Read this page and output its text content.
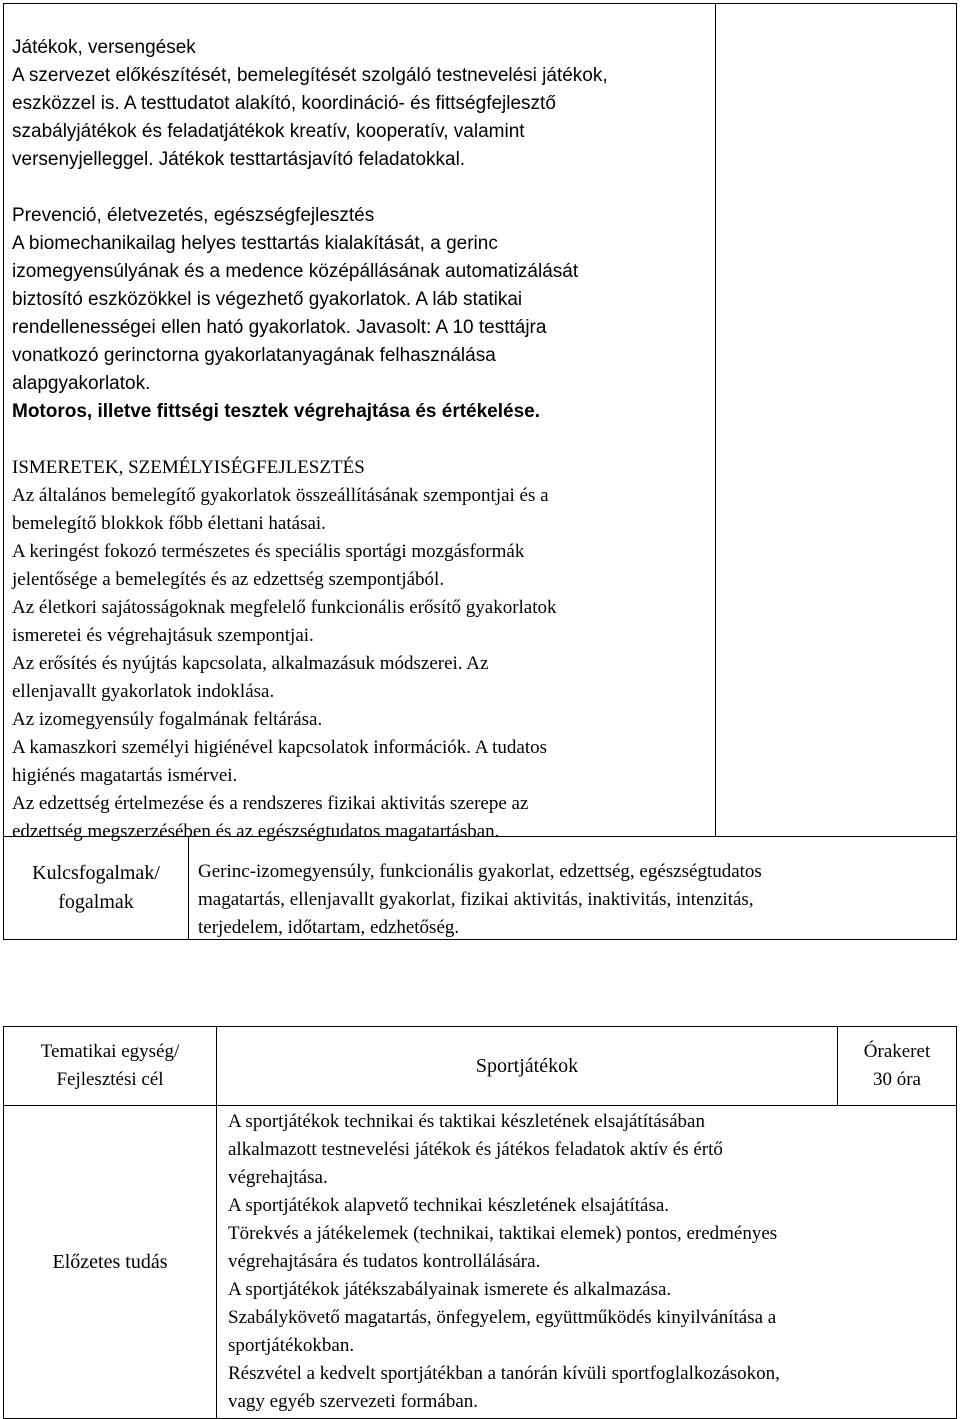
Játékok, versengések
A szervezet előkészítését, bemelegítését szolgáló testnevelési játékok,
eszközzel is. A testtudatot alakító, koordináció- és fittségfejlesztő
szabályjátékok és feladatjátékok kreatív, kooperatív, valamint
versenyjelleggel. Játékok testtartásjavító feladatokkal.
Prevenció, életvezetés, egészségfejlesztés
A biomechanikailag helyes testtartás kialakítását, a gerinc
izomegyensúlyának és a medence középállásának automatizálását
biztosító eszközökkel is végezhető gyakorlatok. A láb statikai
rendellenességei ellen ható gyakorlatok. Javasolt: A 10 testtájra
vonatkozó gerinctorna gyakorlatanyagának felhasználása
alapgyakorlatok.
Motoros, illetve fittségi tesztek végrehajtása és értékelése.
ISMERETEK, SZEMÉLYISÉGFEJLESZTÉS
Az általános bemelegítő gyakorlatok összeállításának szempontjai és a
bemelegítő blokkok főbb élettani hatásai.
A keringést fokozó természetes és speciális sportági mozgásformák
jelentősége a bemelegítés és az edzettség szempontjából.
Az életkori sajátosságoknak megfelelő funkcionális erősítő gyakorlatok
ismeretei és végrehajtásuk szempontjai.
Az erősítés és nyújtás kapcsolata, alkalmazásuk módszerei. Az
ellenjavallt gyakorlatok indoklása.
Az izomegyensúly fogalmának feltárása.
A kamaszkori személyi higiénével kapcsolatok információk. A tudatos
higiénés magatartás ismérvei.
Az edzettség értelmezése és a rendszeres fizikai aktivitás szerepe az
edzettség megszerzésében és az egészségtudatos magatartásban.
Kulcsfogalmak/
fogalmak
Gerinc-izomegyensúly, funkcionális gyakorlat, edzettség, egészségtudatos
magatartás, ellenjavallt gyakorlat, fizikai aktivitás, inaktivitás, intenzitás,
terjedelem, időtartam, edzhetőség.
Tematikai egység/
Fejlesztési cél
Sportjátékok
Órakeret
30 óra
Előzetes tudás
A sportjátékok technikai és taktikai készletének elsajátításában
alkalmazott testnevelési játékok és játékos feladatok aktív és értő
végrehajtása.
A sportjátékok alapvető technikai készletének elsajátítása.
Törekvés a játékelemek (technikai, taktikai elemek) pontos, eredményes
végrehajtására és tudatos kontrollálására.
A sportjátékok játékszabályainak ismerete és alkalmazása.
Szabálykövető magatartás, önfegyelem, együttműködés kinyilvánítása a
sportjátékokban.
Részvétel a kedvelt sportjátékban a tanórán kívüli sportfoglalkozásokon,
vagy egyéb szervezeti formában.
